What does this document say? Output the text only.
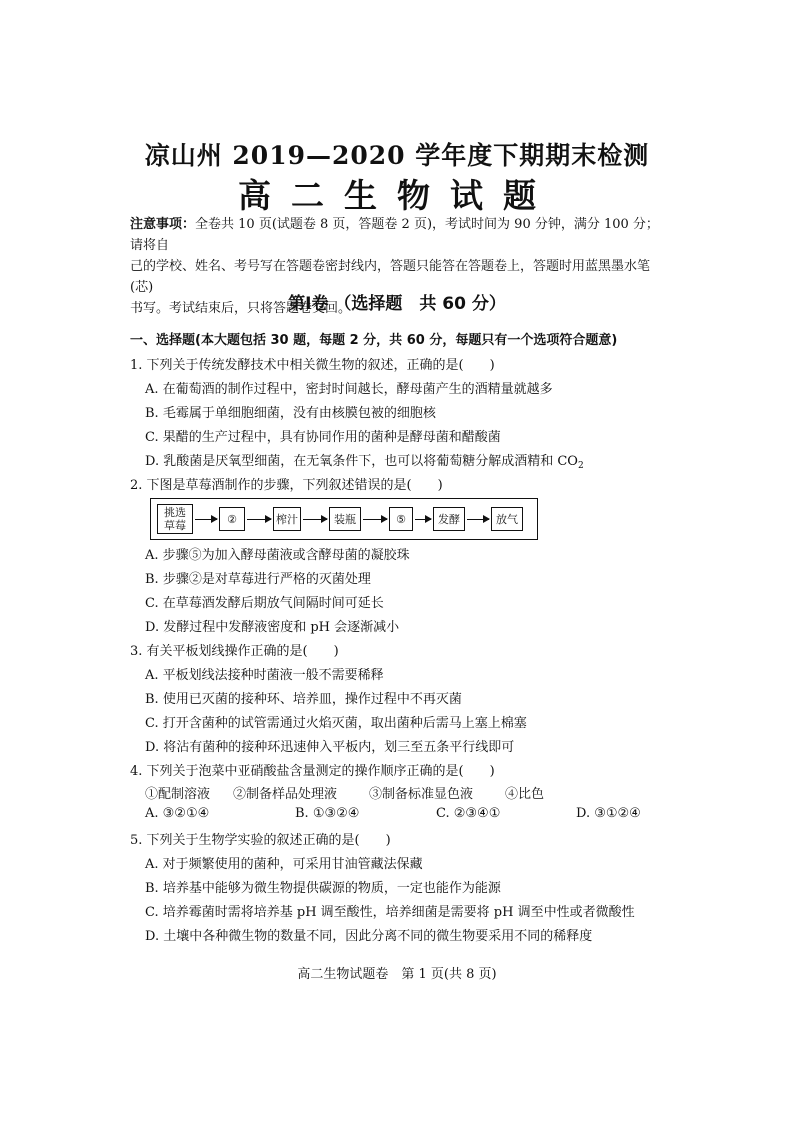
凉山州 2019—2020 学年度下期期末检测
高二生物试题
注意事项：全卷共 10 页(试题卷 8 页，答题卷 2 页)，考试时间为 90 分钟，满分 100 分；请将自
己的学校、姓名、考号写在答题卷密封线内，答题只能答在答题卷上，答题时用蓝黑墨水笔(芯)
书写。考试结束后，只将答题卷交回。
第Ⅰ卷 （选择题　共 60 分）
一、选择题(本大题包括 30 题，每题 2 分，共 60 分，每题只有一个选项符合题意)
1. 下列关于传统发酵技术中相关微生物的叙述，正确的是(　　)
A. 在葡萄酒的制作过程中，密封时间越长，酵母菌产生的酒精量就越多
B. 毛霉属于单细胞细菌，没有由核膜包被的细胞核
C. 果醋的生产过程中，具有协同作用的菌种是酵母菌和醋酸菌
D. 乳酸菌是厌氧型细菌，在无氧条件下，也可以将葡萄糖分解成酒精和 $CO_2$
2. 下图是草莓酒制作的步骤，下列叙述错误的是(　　)
挑选
草莓	②	榨汁	装瓶	⑤	发酵	放气
A. 步骤⑤为加入酵母菌液或含酵母菌的凝胶珠
B. 步骤②是对草莓进行严格的灭菌处理
C. 在草莓酒发酵后期放气间隔时间可延长
D. 发酵过程中发酵液密度和 pH 会逐渐减小
3. 有关平板划线操作正确的是(　　)
A. 平板划线法接种时菌液一般不需要稀释
B. 使用已灭菌的接种环、培养皿，操作过程中不再灭菌
C. 打开含菌种的试管需通过火焰灭菌，取出菌种后需马上塞上棉塞
D. 将沾有菌种的接种环迅速伸入平板内，划三至五条平行线即可
4. 下列关于泡菜中亚硝酸盐含量测定的操作顺序正确的是(　　)
①配制溶液 ②制备样品处理液 ③制备标准显色液 ④比色
A. ③②①④	B. ①③②④	C. ②③④①	D. ③①②④
5. 下列关于生物学实验的叙述正确的是(　　)
A. 对于频繁使用的菌种，可采用甘油管藏法保藏
B. 培养基中能够为微生物提供碳源的物质，一定也能作为能源
C. 培养霉菌时需将培养基 pH 调至酸性，培养细菌是需要将 pH 调至中性或者微酸性
D. 土壤中各种微生物的数量不同，因此分离不同的微生物要采用不同的稀释度
高二生物试题卷　第 1 页(共 8 页)
